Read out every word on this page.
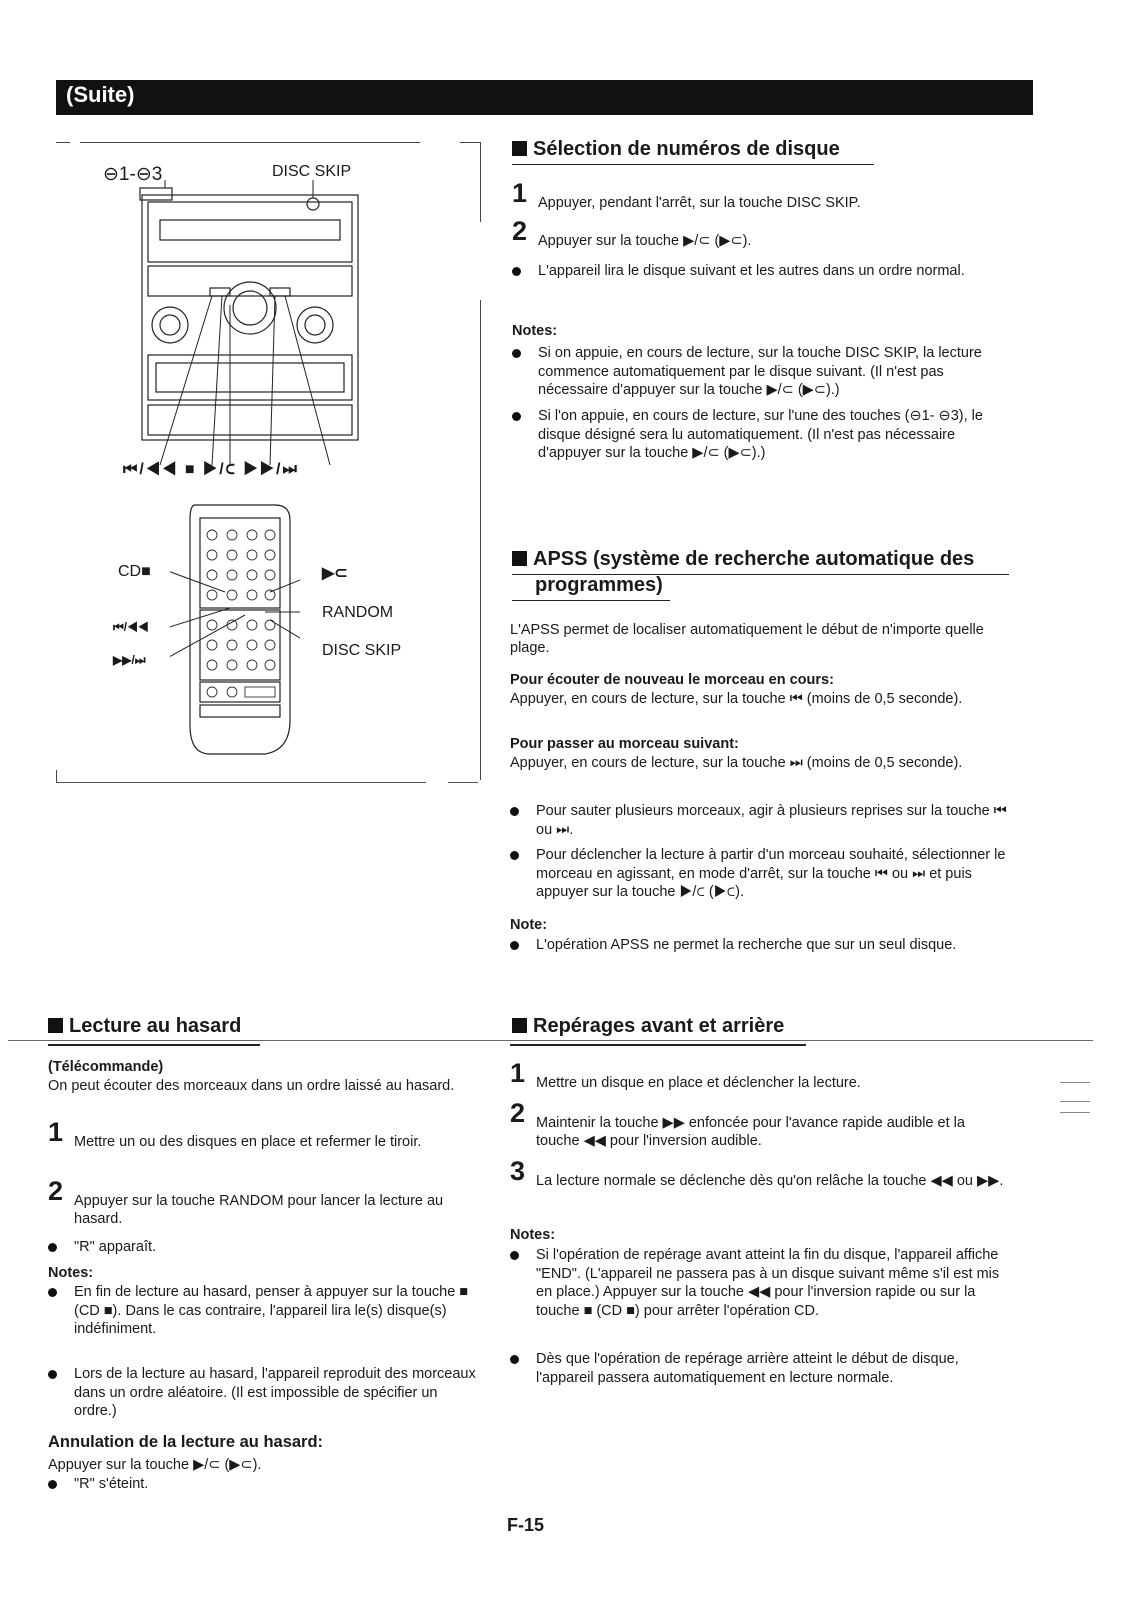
(Suite)
⊖1-⊖3	DISC SKIP
⏮/◀◀ ■ ▶/⊂ ▶▶/⏭
CD■
⏮/◀◀
▶▶/⏭
▶⊂
RANDOM
DISC SKIP
Sélection de numéros de disque
1 Appuyer, pendant l'arrêt, sur la touche DISC SKIP.
2 Appuyer sur la touche ▶/⊂ (▶⊂).
L'appareil lira le disque suivant et les autres dans un ordre normal.
Notes:
Si on appuie, en cours de lecture, sur la touche DISC SKIP, la lecture commence automatiquement par le disque suivant. (Il n'est pas nécessaire d'appuyer sur la touche ▶/⊂ (▶⊂).)
Si l'on appuie, en cours de lecture, sur l'une des touches (⊖1- ⊖3), le disque désigné sera lu automatiquement. (Il n'est pas nécessaire d'appuyer sur la touche ▶/⊂ (▶⊂).)
APSS (système de recherche automatique des
programmes)
L'APSS permet de localiser automatiquement le début de n'importe quelle plage.
Pour écouter de nouveau le morceau en cours:
Appuyer, en cours de lecture, sur la touche ⏮ (moins de 0,5 seconde).
Pour passer au morceau suivant:
Appuyer, en cours de lecture, sur la touche ⏭ (moins de 0,5 seconde).
Pour sauter plusieurs morceaux, agir à plusieurs reprises sur la touche ⏮ ou ⏭.
Pour déclencher la lecture à partir d'un morceau souhaité, sélectionner le morceau en agissant, en mode d'arrêt, sur la touche ⏮ ou ⏭ et puis appuyer sur la touche ▶/⊂ (▶⊂).
Note:
L'opération APSS ne permet la recherche que sur un seul disque.
Lecture au hasard
(Télécommande)
On peut écouter des morceaux dans un ordre laissé au hasard.
1 Mettre un ou des disques en place et refermer le tiroir.
2 Appuyer sur la touche RANDOM pour lancer la lecture au hasard.
"R" apparaît.
Notes:
En fin de lecture au hasard, penser à appuyer sur la touche ■ (CD ■). Dans le cas contraire, l'appareil lira le(s) disque(s) indéfiniment.
Lors de la lecture au hasard, l'appareil reproduit des morceaux dans un ordre aléatoire. (Il est impossible de spécifier un ordre.)
Annulation de la lecture au hasard:
Appuyer sur la touche ▶/⊂ (▶⊂).
"R" s'éteint.
Repérages avant et arrière
1 Mettre un disque en place et déclencher la lecture.
2 Maintenir la touche ▶▶ enfoncée pour l'avance rapide audible et la touche ◀◀ pour l'inversion audible.
3 La lecture normale se déclenche dès qu'on relâche la touche ◀◀ ou ▶▶.
Notes:
Si l'opération de repérage avant atteint la fin du disque, l'appareil affiche "END". (L'appareil ne passera pas à un disque suivant même s'il est mis en place.) Appuyer sur la touche ◀◀ pour l'inversion rapide ou sur la touche ■ (CD ■) pour arrêter l'opération CD.
Dès que l'opération de repérage arrière atteint le début de disque, l'appareil passera automatiquement en lecture normale.
F-15
